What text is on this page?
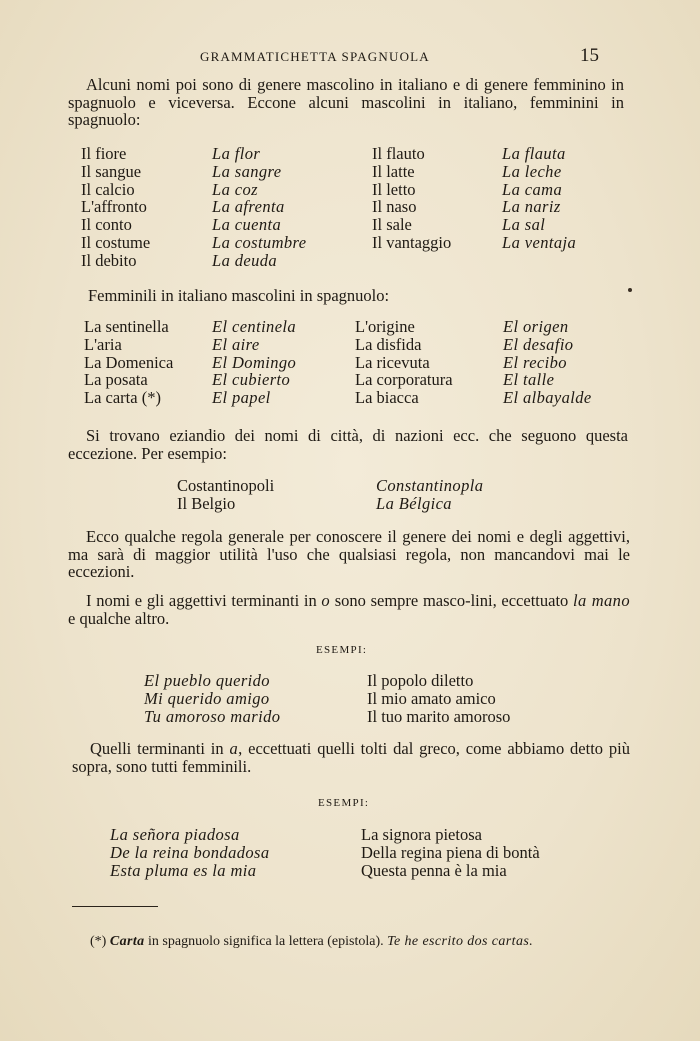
GRAMMATICHETTA SPAGNUOLA	15

Alcuni nomi poi sono di genere mascolino in italiano e di genere femminino in spagnuolo e viceversa. Eccone alcuni mascolini in italiano, femminini in spagnuolo:

Il fiore	La flor	Il flauto	La flauta
Il sangue	La sangre	Il latte	La leche
Il calcio	La coz	Il letto	La cama
L'affronto	La afrenta	Il naso	La nariz
Il conto	La cuenta	Il sale	La sal
Il costume	La costumbre	Il vantaggio	La ventaja
Il debito	La deuda
Femminili in italiano mascolini in spagnuolo:
La sentinella	El centinela	L'origine	El origen
L'aria	El aire	La disfida	El desafio
La Domenica	El Domingo	La ricevuta	El recibo
La posata	El cubierto	La corporatura	El talle
La carta (*)	El papel	La biacca	El albayalde

Si trovano eziandio dei nomi di città, di nazioni ecc. che seguono questa eccezione. Per esempio:

Costantinopoli	Constantinopla
Il Belgio	La Bélgica

Ecco qualche regola generale per conoscere il genere dei nomi e degli aggettivi, ma sarà di maggior utilità l'uso che qualsiasi regola, non mancandovi mai le eccezioni.

I nomi e gli aggettivi terminanti in o sono sempre masco-lini, eccettuato la mano e qualche altro.

ESEMPI:
El pueblo querido	Il popolo diletto
Mi querido amigo	Il mio amato amico
Tu amoroso marido	Il tuo marito amoroso

Quelli terminanti in a, eccettuati quelli tolti dal greco, come abbiamo detto più sopra, sono tutti femminili.

ESEMPI:
La señora piadosa	La signora pietosa
De la reina bondadosa	Della regina piena di bontà
Esta pluma es la mia	Questa penna è la mia

(*) Carta in spagnuolo significa la lettera (epistola). Te he escrito dos cartas.
